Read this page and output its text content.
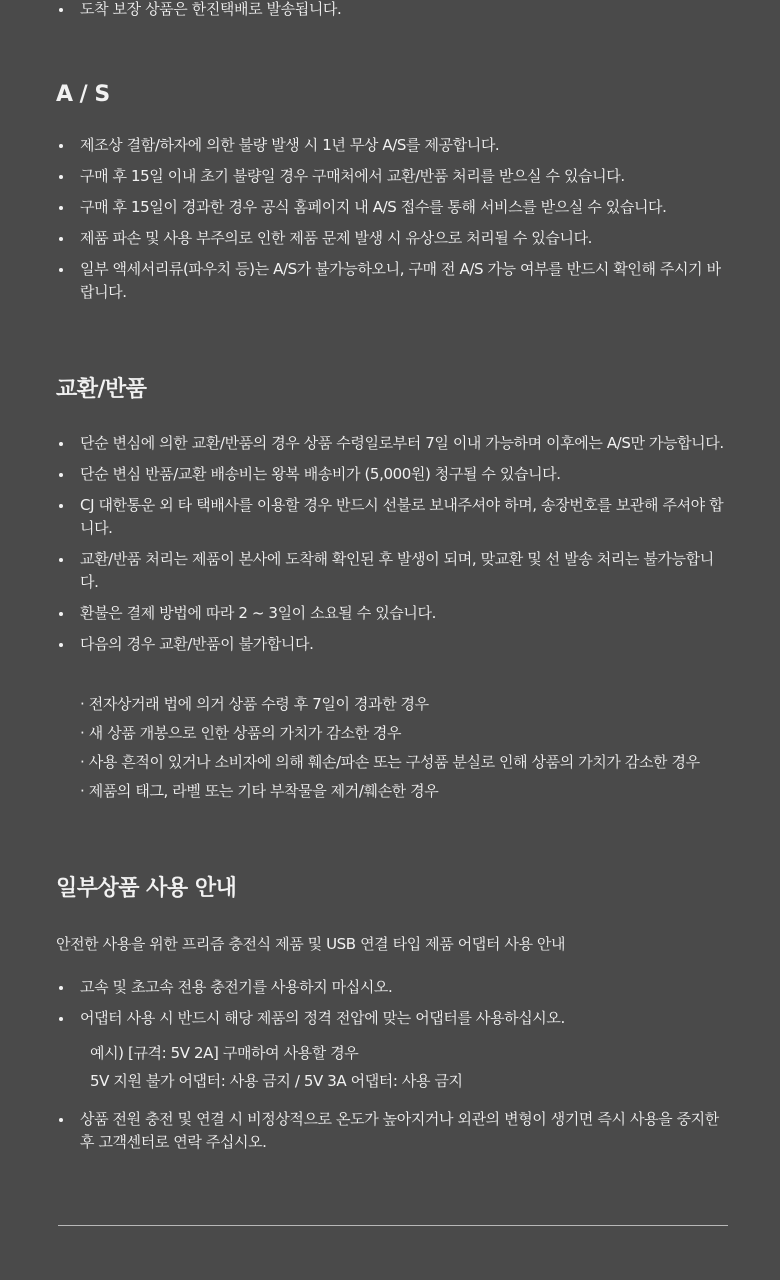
도착 보장 상품은 한진택배로 발송됩니다.
A / S
제조상 결함/하자에 의한 불량 발생 시 1년 무상 A/S를 제공합니다.
구매 후 15일 이내 초기 불량일 경우 구매처에서 교환/반품 처리를 받으실 수 있습니다.
구매 후 15일이 경과한 경우 공식 홈페이지 내 A/S 접수를 통해 서비스를 받으실 수 있습니다.
제품 파손 및 사용 부주의로 인한 제품 문제 발생 시 유상으로 처리될 수 있습니다.
일부 액세서리류(파우치 등)는 A/S가 불가능하오니, 구매 전 A/S 가능 여부를 반드시 확인해 주시기 바랍니다.
교환/반품
단순 변심에 의한 교환/반품의 경우 상품 수령일로부터 7일 이내 가능하며 이후에는 A/S만 가능합니다.
단순 변심 반품/교환 배송비는 왕복 배송비가 (5,000원) 청구될 수 있습니다.
CJ 대한통운 외 타 택배사를 이용할 경우 반드시 선불로 보내주셔야 하며, 송장번호를 보관해 주셔야 합니다.
교환/반품 처리는 제품이 본사에 도착해 확인된 후 발생이 되며, 맞교환 및 선 발송 처리는 불가능합니다.
환불은 결제 방법에 따라 2 ~ 3일이 소요될 수 있습니다.
다음의 경우 교환/반품이 불가합니다.
· 전자상거래 법에 의거 상품 수령 후 7일이 경과한 경우
· 새 상품 개봉으로 인한 상품의 가치가 감소한 경우
· 사용 흔적이 있거나 소비자에 의해 훼손/파손 또는 구성품 분실로 인해 상품의 가치가 감소한 경우
· 제품의 태그, 라벨 또는 기타 부착물을 제거/훼손한 경우
일부상품 사용 안내

안전한 사용을 위한 프리즘 충전식 제품 및 USB 연결 타입 제품 어댑터 사용 안내

고속 및 초고속 전용 충전기를 사용하지 마십시오.
어댑터 사용 시 반드시 해당 제품의 정격 전압에 맞는 어댑터를 사용하십시오.
예시) [규격: 5V 2A] 구매하여 사용할 경우
5V 지원 불가 어댑터: 사용 금지 / 5V 3A 어댑터: 사용 금지
상품 전원 충전 및 연결 시 비정상적으로 온도가 높아지거나 외관의 변형이 생기면 즉시 사용을 중지한 후 고객센터로 연락 주십시오.
